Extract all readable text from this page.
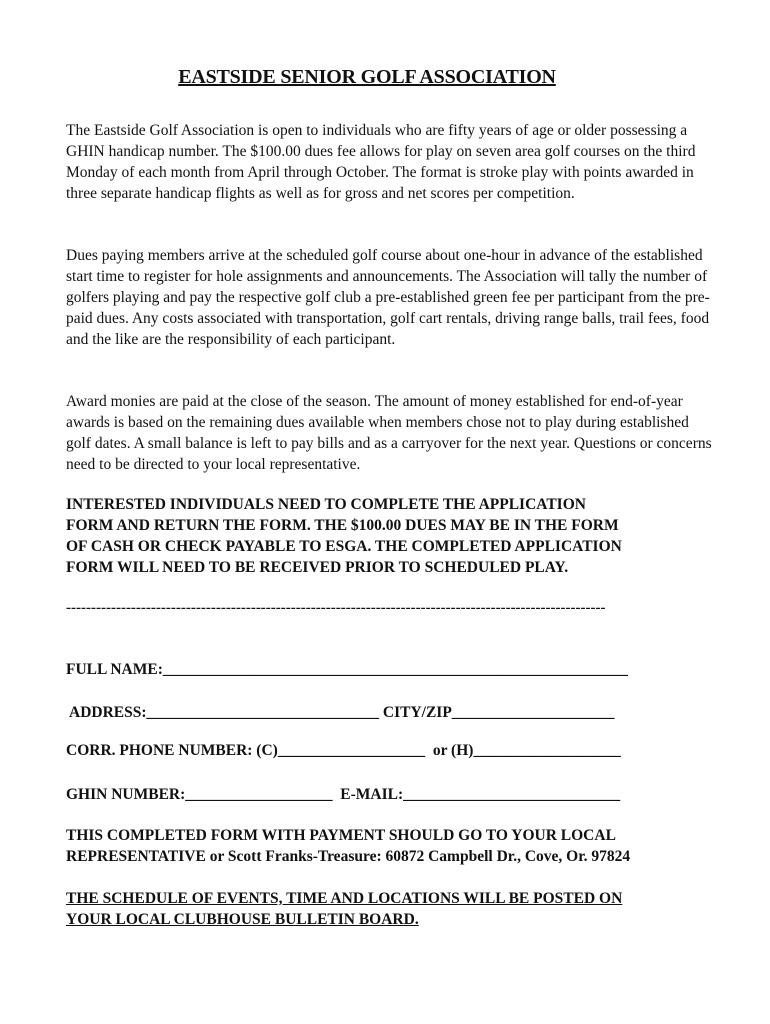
EASTSIDE SENIOR GOLF ASSOCIATION

The Eastside Golf Association is open to individuals who are fifty years of age or older possessing a GHIN handicap number. The $100.00 dues fee allows for play on seven area golf courses on the third Monday of each month from April through October. The format is stroke play with points awarded in three separate handicap flights as well as for gross and net scores per competition.

Dues paying members arrive at the scheduled golf course about one-hour in advance of the established start time to register for hole assignments and announcements. The Association will tally the number of golfers playing and pay the respective golf club a pre-established green fee per participant from the pre-paid dues. Any costs associated with transportation, golf cart rentals, driving range balls, trail fees, food and the like are the responsibility of each participant.

Award monies are paid at the close of the season. The amount of money established for end-of-year awards is based on the remaining dues available when members chose not to play during established golf dates. A small balance is left to pay bills and as a carryover for the next year. Questions or concerns need to be directed to your local representative.

INTERESTED INDIVIDUALS NEED TO COMPLETE THE APPLICATION
FORM AND RETURN THE FORM. THE $100.00 DUES MAY BE IN THE FORM
OF CASH OR CHECK PAYABLE TO ESGA. THE COMPLETED APPLICATION
FORM WILL NEED TO BE RECEIVED PRIOR TO SCHEDULED PLAY.
------------------------------------------------------------------------------------------------------------
FULL NAME:____________________________________________________________
ADDRESS:______________________________ CITY/ZIP_____________________
CORR. PHONE NUMBER: (C)___________________ or (H)___________________
GHIN NUMBER:___________________ E-MAIL:____________________________
THIS COMPLETED FORM WITH PAYMENT SHOULD GO TO YOUR LOCAL
REPRESENTATIVE or Scott Franks-Treasure: 60872 Campbell Dr., Cove, Or. 97824
THE SCHEDULE OF EVENTS, TIME AND LOCATIONS WILL BE POSTED ON
YOUR LOCAL CLUBHOUSE BULLETIN BOARD.
